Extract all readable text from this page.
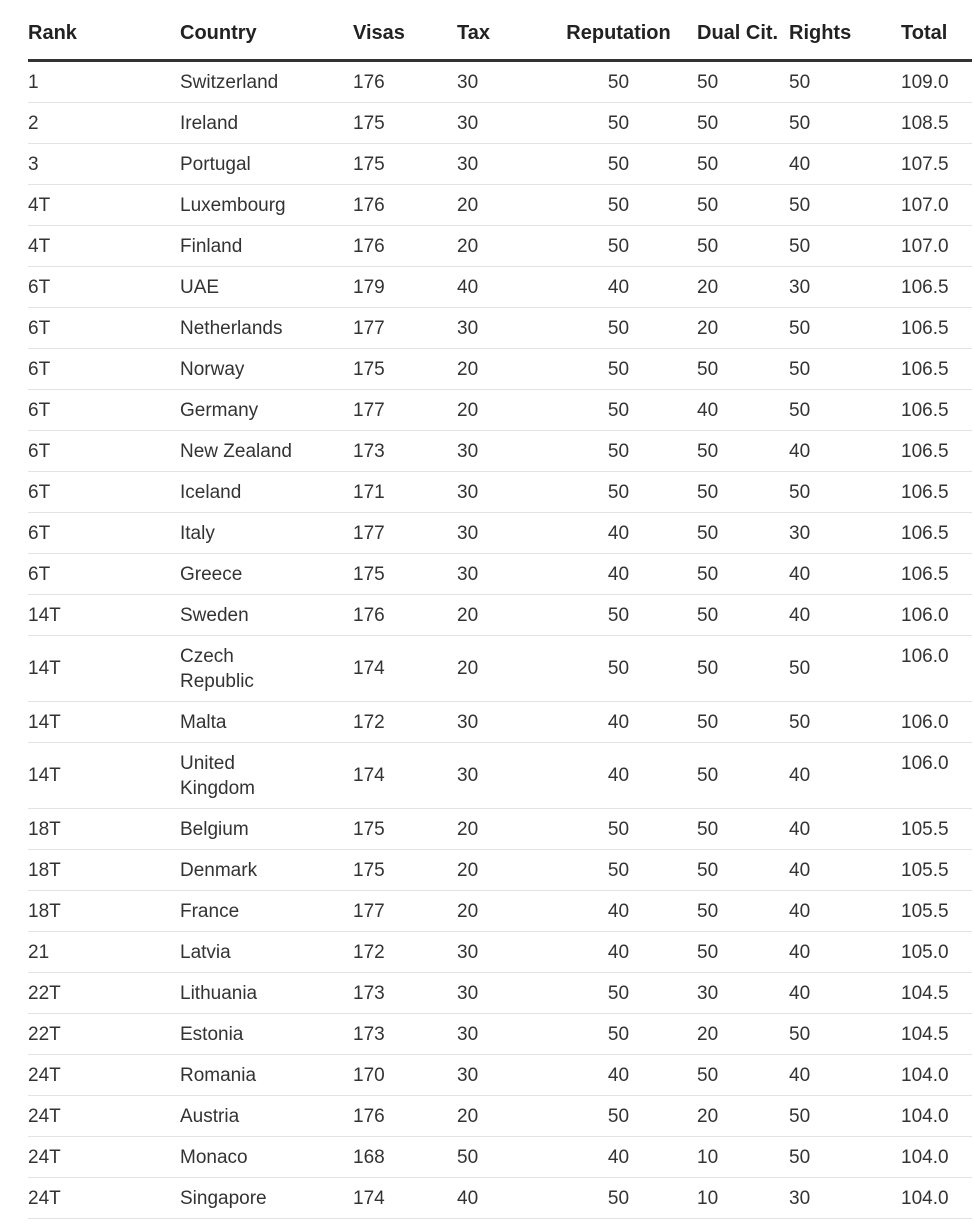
Rank	Country	Visas	Tax	Reputation	Dual Cit.	Rights	Total
1	Switzerland	176	30	50	50	50	109.0
2	Ireland	175	30	50	50	50	108.5
3	Portugal	175	30	50	50	40	107.5
4T	Luxembourg	176	20	50	50	50	107.0
4T	Finland	176	20	50	50	50	107.0
6T	UAE	179	40	40	20	30	106.5
6T	Netherlands	177	30	50	20	50	106.5
6T	Norway	175	20	50	50	50	106.5
6T	Germany	177	20	50	40	50	106.5
6T	New Zealand	173	30	50	50	40	106.5
6T	Iceland	171	30	50	50	50	106.5
6T	Italy	177	30	40	50	30	106.5
6T	Greece	175	30	40	50	40	106.5
14T	Sweden	176	20	50	50	40	106.0
14T	Czech Republic	174	20	50	50	50	106.0
14T	Malta	172	30	40	50	50	106.0
14T	United Kingdom	174	30	40	50	40	106.0
18T	Belgium	175	20	50	50	40	105.5
18T	Denmark	175	20	50	50	40	105.5
18T	France	177	20	40	50	40	105.5
21	Latvia	172	30	40	50	40	105.0
22T	Lithuania	173	30	50	30	40	104.5
22T	Estonia	173	30	50	20	50	104.5
24T	Romania	170	30	40	50	40	104.0
24T	Austria	176	20	50	20	50	104.0
24T	Monaco	168	50	40	10	50	104.0
24T	Singapore	174	40	50	10	30	104.0
